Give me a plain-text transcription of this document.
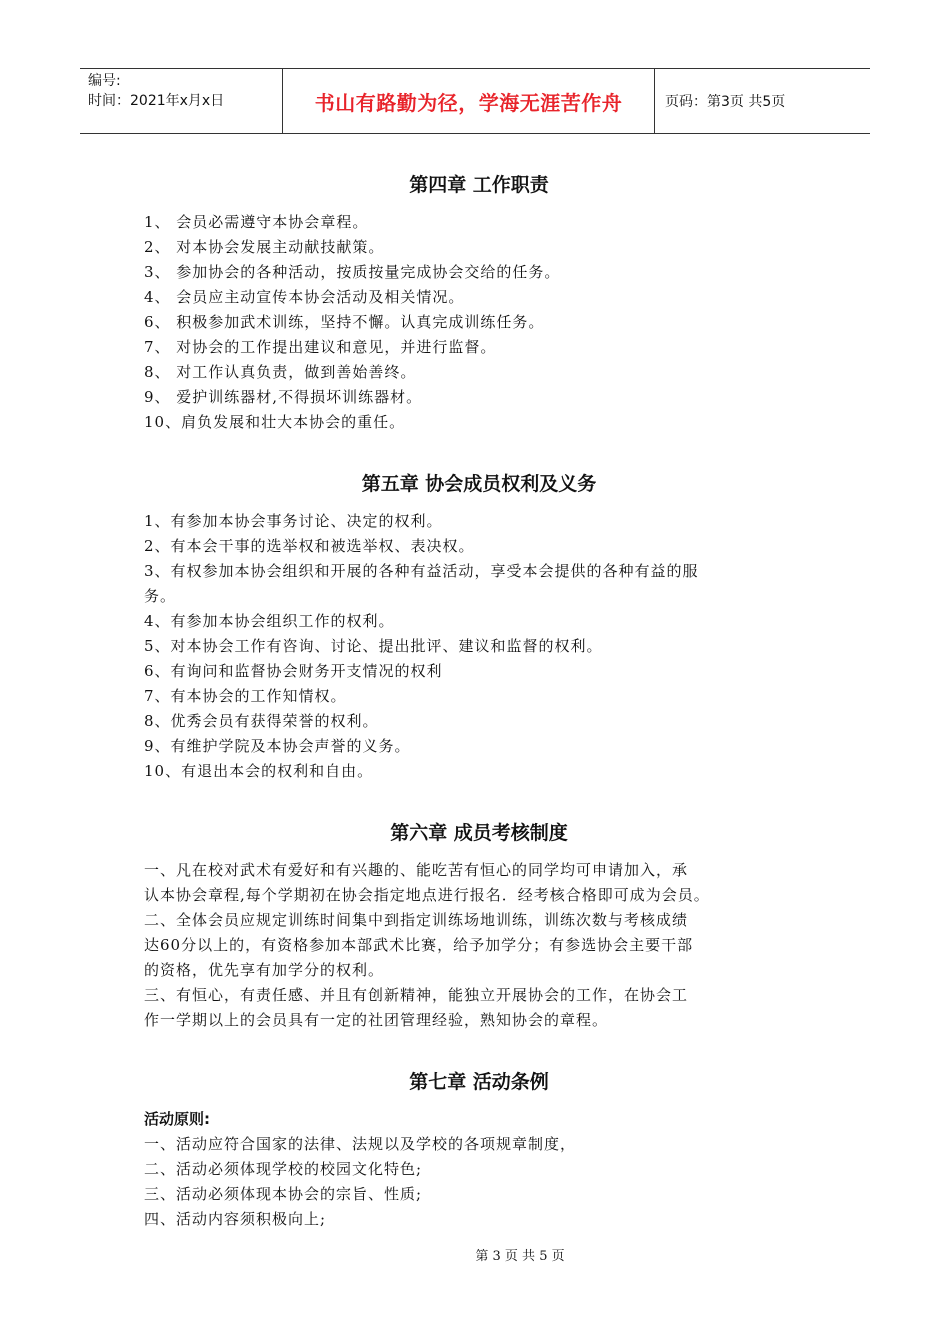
编号:
时间：2021年x月x日	书山有路勤为径，学海无涯苦作舟	页码：第3页 共5页
第四章 工作职责

1、 会员必需遵守本协会章程。

2、 对本协会发展主动献技献策。

3、 参加协会的各种活动，按质按量完成协会交给的任务。

4、 会员应主动宣传本协会活动及相关情况。

6、 积极参加武术训练，坚持不懈。认真完成训练任务。

7、 对协会的工作提出建议和意见，并进行监督。

8、 对工作认真负责，做到善始善终。

9、 爱护训练器材,不得损坏训练器材。

10、肩负发展和壮大本协会的重任。

第五章 协会成员权利及义务

1、有参加本协会事务讨论、决定的权利。

2、有本会干事的选举权和被选举权、表决权。

3、有权参加本协会组织和开展的各种有益活动，享受本会提供的各种有益的服

务。

4、有参加本协会组织工作的权利。

5、对本协会工作有咨询、讨论、提出批评、建议和监督的权利。

6、有询问和监督协会财务开支情况的权利

7、有本协会的工作知情权。

8、优秀会员有获得荣誉的权利。

9、有维护学院及本协会声誉的义务。

10、有退出本会的权利和自由。

第六章 成员考核制度

一、凡在校对武术有爱好和有兴趣的、能吃苦有恒心的同学均可申请加入，承

认本协会章程,每个学期初在协会指定地点进行报名．经考核合格即可成为会员。

二、全体会员应规定训练时间集中到指定训练场地训练，训练次数与考核成绩

达60分以上的，有资格参加本部武术比赛，给予加学分；有参选协会主要干部

的资格，优先享有加学分的权利。

三、有恒心，有责任感、并且有创新精神，能独立开展协会的工作，在协会工

作一学期以上的会员具有一定的社团管理经验，熟知协会的章程。

第七章 活动条例

活动原则:

一、活动应符合国家的法律、法规以及学校的各项规章制度，

二、活动必须体现学校的校园文化特色;

三、活动必须体现本协会的宗旨、性质;

四、活动内容须积极向上;

第 3 页 共 5 页
